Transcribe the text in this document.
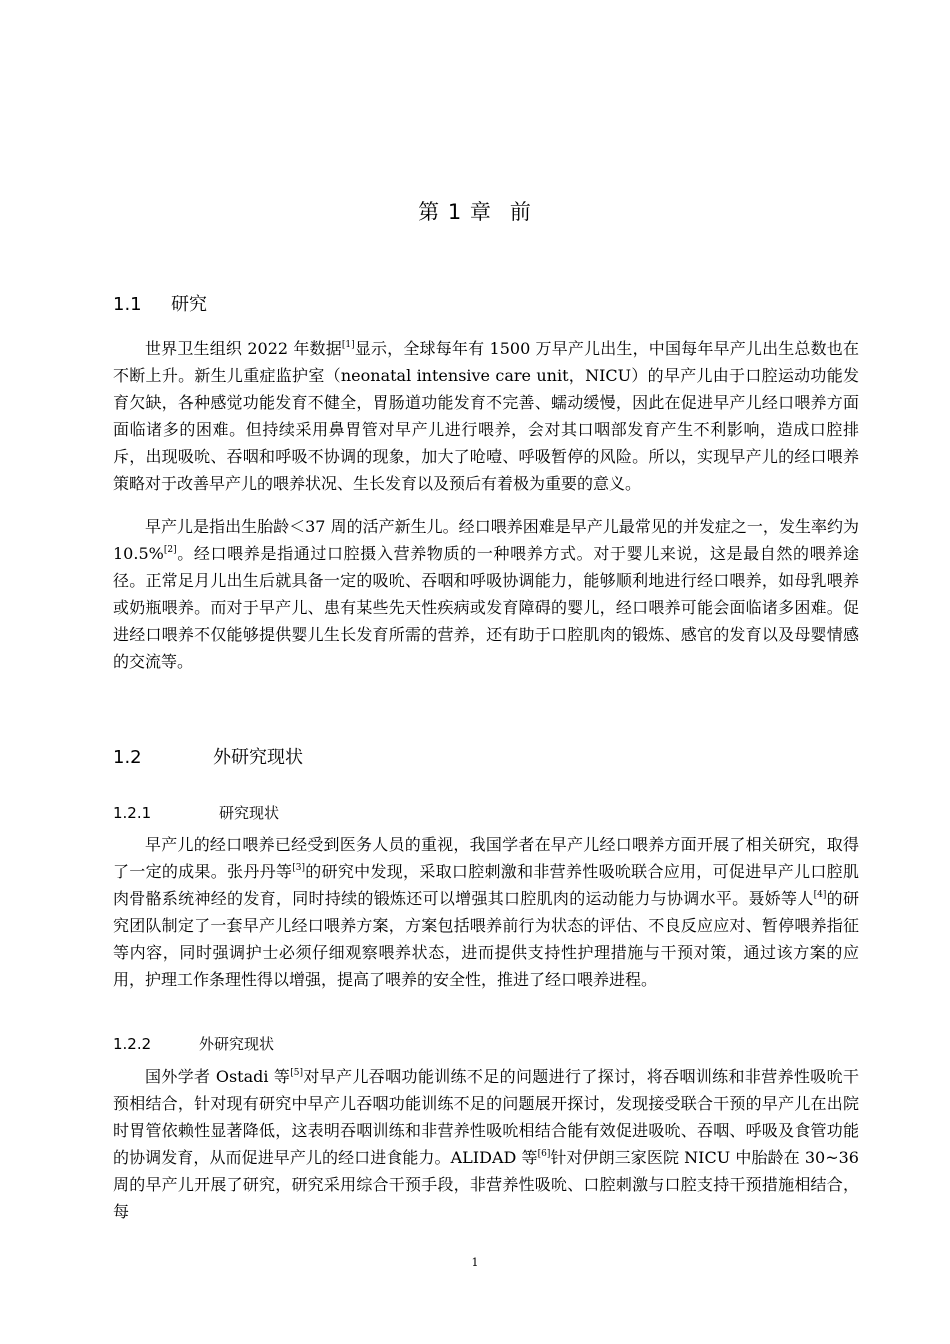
第 1 章 前
1.1 研究

世界卫生组织 2022 年数据[1]显示，全球每年有 1500 万早产儿出生，中国每年早产儿出生总数也在不断上升。新生儿重症监护室（neonatal intensive care unit，NICU）的早产儿由于口腔运动功能发育欠缺，各种感觉功能发育不健全，胃肠道功能发育不完善、蠕动缓慢，因此在促进早产儿经口喂养方面面临诸多的困难。但持续采用鼻胃管对早产儿进行喂养，会对其口咽部发育产生不利影响，造成口腔排斥，出现吸吮、吞咽和呼吸不协调的现象，加大了呛噎、呼吸暂停的风险。所以，实现早产儿的经口喂养策略对于改善早产儿的喂养状况、生长发育以及预后有着极为重要的意义。

早产儿是指出生胎龄＜37 周的活产新生儿。经口喂养困难是早产儿最常见的并发症之一，发生率约为 10.5%[2]。经口喂养是指通过口腔摄入营养物质的一种喂养方式。对于婴儿来说，这是最自然的喂养途径。正常足月儿出生后就具备一定的吸吮、吞咽和呼吸协调能力，能够顺利地进行经口喂养，如母乳喂养或奶瓶喂养。而对于早产儿、患有某些先天性疾病或发育障碍的婴儿，经口喂养可能会面临诸多困难。促进经口喂养不仅能够提供婴儿生长发育所需的营养，还有助于口腔肌肉的锻炼、感官的发育以及母婴情感的交流等。

1.2	外研究现状
1.2.1	研究现状

早产儿的经口喂养已经受到医务人员的重视，我国学者在早产儿经口喂养方面开展了相关研究，取得了一定的成果。张丹丹等[3]的研究中发现，采取口腔刺激和非营养性吸吮联合应用，可促进早产儿口腔肌肉骨骼系统神经的发育，同时持续的锻炼还可以增强其口腔肌肉的运动能力与协调水平。聂娇等人[4]的研究团队制定了一套早产儿经口喂养方案，方案包括喂养前行为状态的评估、不良反应应对、暂停喂养指征等内容，同时强调护士必须仔细观察喂养状态，进而提供支持性护理措施与干预对策，通过该方案的应用，护理工作条理性得以增强，提高了喂养的安全性，推进了经口喂养进程。

1.2.2	外研究现状

国外学者 Ostadi 等[5]对早产儿吞咽功能训练不足的问题进行了探讨，将吞咽训练和非营养性吸吮干预相结合，针对现有研究中早产儿吞咽功能训练不足的问题展开探讨，发现接受联合干预的早产儿在出院时胃管依赖性显著降低，这表明吞咽训练和非营养性吸吮相结合能有效促进吸吮、吞咽、呼吸及食管功能的协调发育，从而促进早产儿的经口进食能力。ALIDAD 等[6]针对伊朗三家医院 NICU 中胎龄在 30~36 周的早产儿开展了研究，研究采用综合干预手段，非营养性吸吮、口腔刺激与口腔支持干预措施相结合，每

1
